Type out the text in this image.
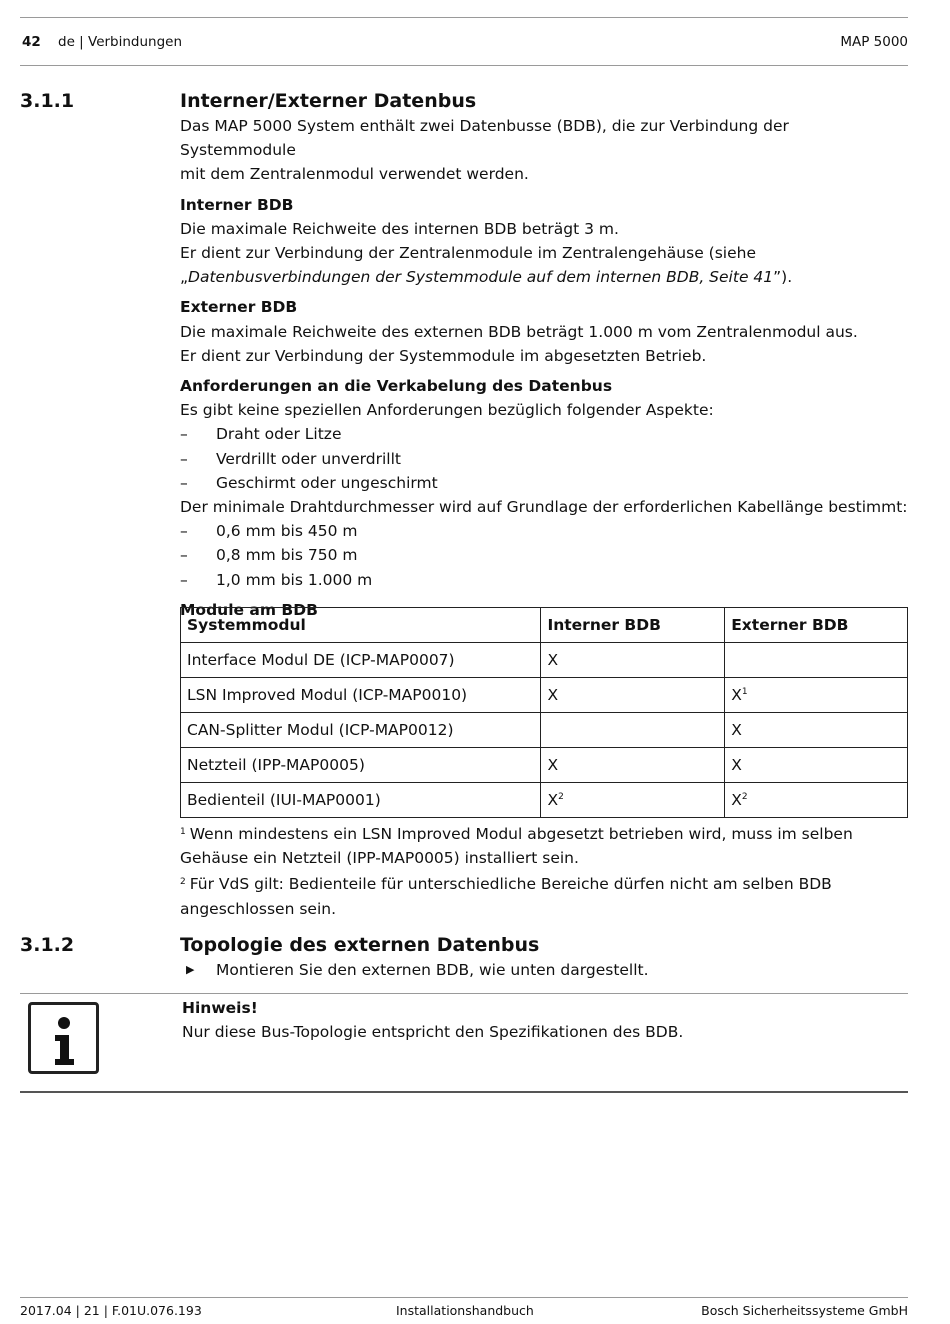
42 de | Verbindungen	MAP 5000
3.1.1	Interner/Externer Datenbus

Das MAP 5000 System enthält zwei Datenbusse (BDB), die zur Verbindung der Systemmodule

mit dem Zentralenmodul verwendet werden.

Interner BDB

Die maximale Reichweite des internen BDB beträgt 3 m.

Er dient zur Verbindung der Zentralenmodule im Zentralengehäuse (siehe

„Datenbusverbindungen der Systemmodule auf dem internen BDB, Seite 41”).

Externer BDB

Die maximale Reichweite des externen BDB beträgt 1.000 m vom Zentralenmodul aus.

Er dient zur Verbindung der Systemmodule im abgesetzten Betrieb.

Anforderungen an die Verkabelung des Datenbus

Es gibt keine speziellen Anforderungen bezüglich folgender Aspekte:

–	Draht oder Litze
–	Verdrillt oder unverdrillt
–	Geschirmt oder ungeschirmt

Der minimale Drahtdurchmesser wird auf Grundlage der erforderlichen Kabellänge bestimmt:

–	0,6 mm bis 450 m
–	0,8 mm bis 750 m
–	1,0 mm bis 1.000 m

Module am BDB

Systemmodul	Interner BDB	Externer BDB
Interface Modul DE (ICP-MAP0007)	X	
LSN Improved Modul (ICP-MAP0010)	X	$X^1$
CAN-Splitter Modul (ICP-MAP0012)		X
Netzteil (IPP-MAP0005)	X	X
Bedienteil (IUI-MAP0001)	$X^2$	$X^2$

$^1$ Wenn mindestens ein LSN Improved Modul abgesetzt betrieben wird, muss im selben

Gehäuse ein Netzteil (IPP-MAP0005) installiert sein.

$^2$ Für VdS gilt: Bedienteile für unterschiedliche Bereiche dürfen nicht am selben BDB

angeschlossen sein.

3.1.2	Topologie des externen Datenbus
▶	Montieren Sie den externen BDB, wie unten dargestellt.
Hinweis!
Nur diese Bus-Topologie entspricht den Spezifikationen des BDB.
2017.04 | 21 | F.01U.076.193	Installationshandbuch	Bosch Sicherheitssysteme GmbH
